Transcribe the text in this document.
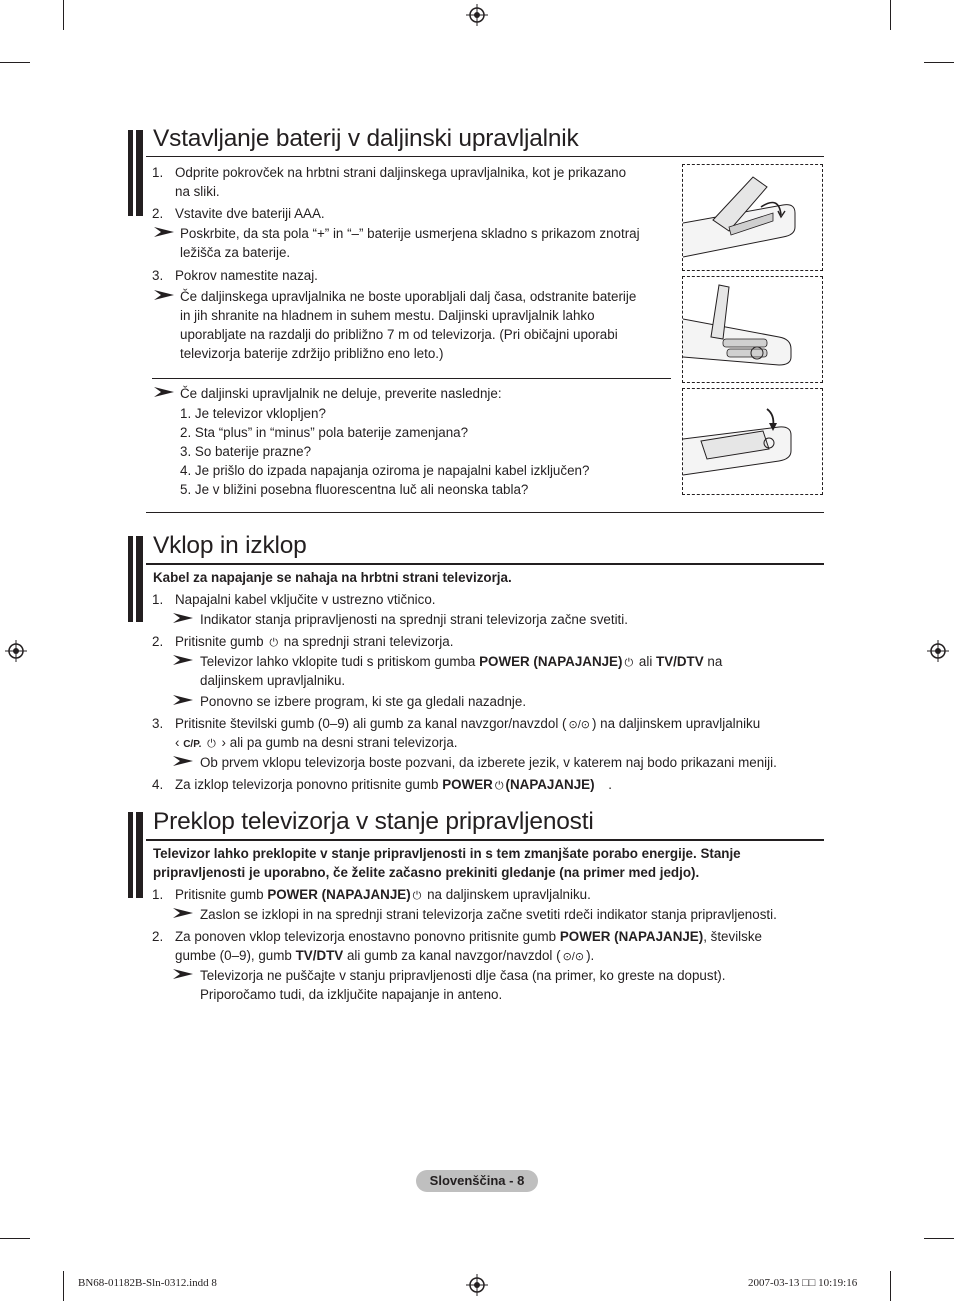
Vstavljanje baterij v daljinski upravljalnik
1. Odprite pokrovček na hrbtni strani daljinskega upravljalnika, kot je prikazano
na sliki.
2. Vstavite dve bateriji AAA.
Poskrbite, da sta pola “+” in “–” baterije usmerjena skladno s prikazom znotraj
ležišča za baterije.
3. Pokrov namestite nazaj.
Če daljinskega upravljalnika ne boste uporabljali dalj časa, odstranite baterije
in jih shranite na hladnem in suhem mestu. Daljinski upravljalnik lahko
uporabljate na razdalji do približno 7 m od televizorja. (Pri običajni uporabi
televizorja baterije zdržijo približno eno leto.)
Če daljinski upravljalnik ne deluje, preverite naslednje:
1. Je televizor vklopljen?
2. Sta “plus” in “minus” pola baterije zamenjana?
3. So baterije prazne?
4. Je prišlo do izpada napajanja oziroma je napajalni kabel izključen?
5. Je v bližini posebna fluorescentna luč ali neonska tabla?
Vklop in izklop
Kabel za napajanje se nahaja na hrbtni strani televizorja.
1. Napajalni kabel vključite v ustrezno vtičnico.
Indikator stanja pripravljenosti na sprednji strani televizorja začne svetiti.
2. Pritisnite gumb ⏻ na sprednji strani televizorja.
Televizor lahko vklopite tudi s pritiskom gumba POWER (NAPAJANJE) ⏻ ali TV/DTV na
daljinskem upravljalniku.
Ponovno se izbere program, ki ste ga gledali nazadnje.
3. Pritisnite številski gumb (0–9) ali gumb za kanal navzgor/navzdol ( ⊙/⊙ ) na daljinskem upravljalniku
‹ C/P. ⏻ › ali pa gumb na desni strani televizorja.
Ob prvem vklopu televizorja boste pozvani, da izberete jezik, v katerem naj bodo prikazani meniji.
4. Za izklop televizorja ponovno pritisnite gumb POWER ⏻ (NAPAJANJE) .
Preklop televizorja v stanje pripravljenosti
Televizor lahko preklopite v stanje pripravljenosti in s tem zmanjšate porabo energije. Stanje
pripravljenosti je uporabno, če želite začasno prekiniti gledanje (na primer med jedjo).
1. Pritisnite gumb POWER (NAPAJANJE) ⏻ na daljinskem upravljalniku.
Zaslon se izklopi in na sprednji strani televizorja začne svetiti rdeči indikator stanja pripravljenosti.
2. Za ponoven vklop televizorja enostavno ponovno pritisnite gumb POWER (NAPAJANJE), številske
gumbe (0–9), gumb TV/DTV ali gumb za kanal navzgor/navzdol ( ⊙/⊙ ).
Televizorja ne puščajte v stanju pripravljenosti dlje časa (na primer, ko greste na dopust).
Priporočamo tudi, da izključite napajanje in anteno.
Slovenščina - 8
BN68-01182B-Sln-0312.indd 8	2007-03-13 □□ 10:19:16
